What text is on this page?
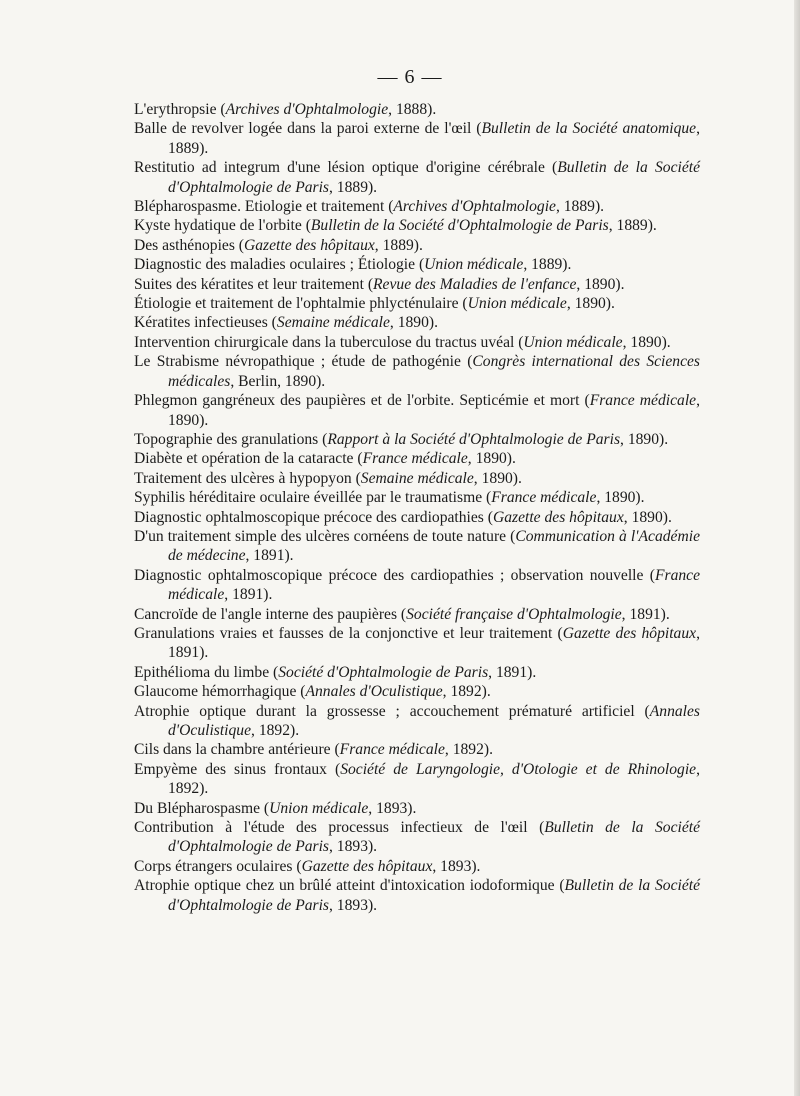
— 6 —

L'erythropsie (Archives d'Ophtalmologie, 1888).

Balle de revolver logée dans la paroi externe de l'œil (Bulletin de la Société anatomique, 1889).

Restitutio ad integrum d'une lésion optique d'origine cérébrale (Bulletin de la Société d'Ophtalmologie de Paris, 1889).

Blépharospasme. Etiologie et traitement (Archives d'Ophtalmologie, 1889).

Kyste hydatique de l'orbite (Bulletin de la Société d'Ophtalmologie de Paris, 1889).

Des asthénopies (Gazette des hôpitaux, 1889).

Diagnostic des maladies oculaires ; Étiologie (Union médicale, 1889).

Suites des kératites et leur traitement (Revue des Maladies de l'enfance, 1890).

Étiologie et traitement de l'ophtalmie phlycténulaire (Union médicale, 1890).

Kératites infectieuses (Semaine médicale, 1890).

Intervention chirurgicale dans la tuberculose du tractus uvéal (Union médicale, 1890).

Le Strabisme névropathique ; étude de pathogénie (Congrès international des Sciences médicales, Berlin, 1890).

Phlegmon gangréneux des paupières et de l'orbite. Septicémie et mort (France médicale, 1890).

Topographie des granulations (Rapport à la Société d'Ophtalmologie de Paris, 1890).

Diabète et opération de la cataracte (France médicale, 1890).

Traitement des ulcères à hypopyon (Semaine médicale, 1890).

Syphilis héréditaire oculaire éveillée par le traumatisme (France médicale, 1890).

Diagnostic ophtalmoscopique précoce des cardiopathies (Gazette des hôpitaux, 1890).

D'un traitement simple des ulcères cornéens de toute nature (Communication à l'Académie de médecine, 1891).

Diagnostic ophtalmoscopique précoce des cardiopathies ; observation nouvelle (France médicale, 1891).

Cancroïde de l'angle interne des paupières (Société française d'Ophtalmologie, 1891).

Granulations vraies et fausses de la conjonctive et leur traitement (Gazette des hôpitaux, 1891).

Epithélioma du limbe (Société d'Ophtalmologie de Paris, 1891).

Glaucome hémorrhagique (Annales d'Oculistique, 1892).

Atrophie optique durant la grossesse ; accouchement prématuré artificiel (Annales d'Oculistique, 1892).

Cils dans la chambre antérieure (France médicale, 1892).

Empyème des sinus frontaux (Société de Laryngologie, d'Otologie et de Rhinologie, 1892).

Du Blépharospasme (Union médicale, 1893).

Contribution à l'étude des processus infectieux de l'œil (Bulletin de la Société d'Ophtalmologie de Paris, 1893).

Corps étrangers oculaires (Gazette des hôpitaux, 1893).

Atrophie optique chez un brûlé atteint d'intoxication iodoformique (Bulletin de la Société d'Ophtalmologie de Paris, 1893).
